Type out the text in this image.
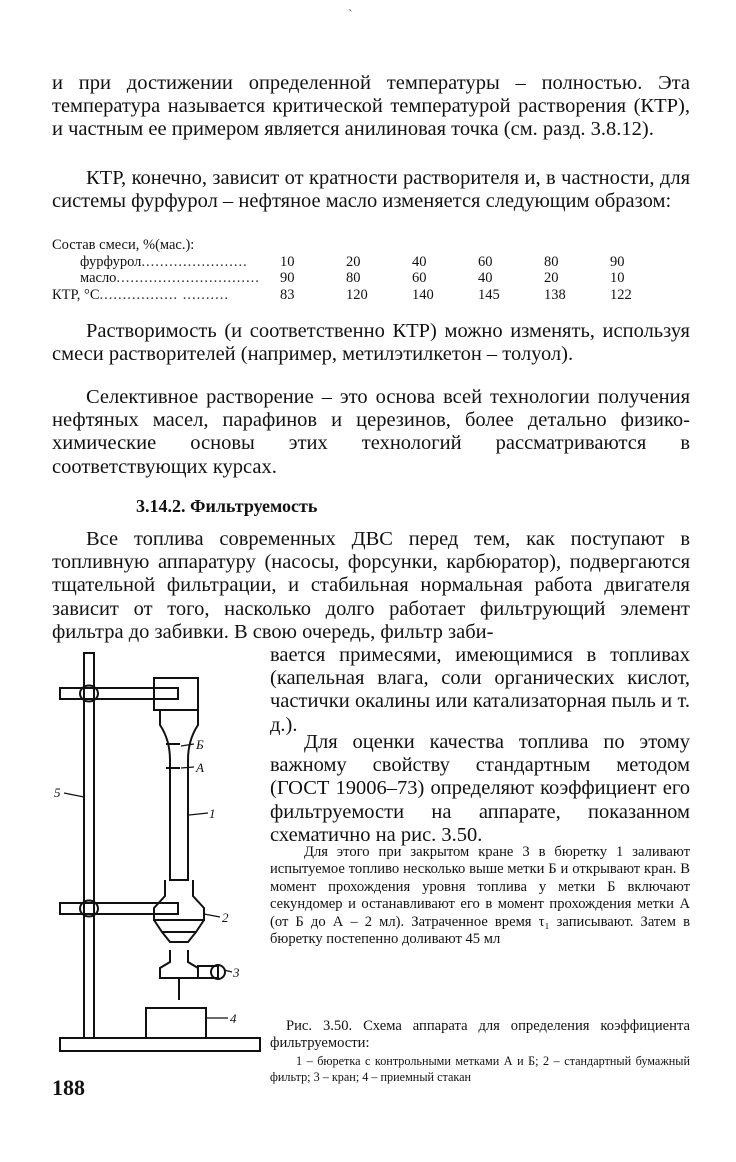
`

и при достижении определенной температуры – полностью. Эта температура называется критической температурой растворения (КТР), и частным ее примером является анилиновая точка (см. разд. 3.8.12).

КТР, конечно, зависит от кратности растворителя и, в частности, для системы фурфурол – нефтяное масло изменяется следующим образом:

Состав смеси, %(мас.):						
фурфурол.......................	10	20	40	60	80	90
масло...............................	90	80	60	40	20	10
КТР, °С................. ..........	83	120	140	145	138	122

Растворимость (и соответственно КТР) можно изменять, используя смеси растворителей (например, метилэтилкетон – толуол).

Селективное растворение – это основа всей технологии получения нефтяных масел, парафинов и церезинов, более детально физико-химические основы этих технологий рассматриваются в соответствующих курсах.

3.14.2. Фильтруемость

Все топлива современных ДВС перед тем, как поступают в топливную аппаратуру (насосы, форсунки, карбюратор), подвергаются тщательной фильтрации, и стабильная нормальная работа двигателя зависит от того, насколько долго работает фильтрующий элемент фильтра до забивки. В свою очередь, фильтр заби-

вается примесями, имеющимися в топливах (капельная влага, соли органических кислот, частички окалины или катализаторная пыль и т. д.).

Для оценки качества топлива по этому важному свойству стандартным методом (ГОСТ 19006–73) определяют коэффициент его фильтруемости на аппарате, показанном схематично на рис. 3.50.

Для этого при закрытом кране 3 в бюретку 1 заливают испытуемое топливо несколько выше метки Б и открывают кран. В момент прохождения уровня топлива у метки Б включают секундомер и останавливают его в момент прохождения метки А (от Б до А – 2 мл). Затраченное время τ₁ записывают. Затем в бюретку постепенно доливают 45 мл

Рис. 3.50. Схема аппарата для определения коэффициента фильтруемости:

1 – бюретка с контрольными метками А и Б; 2 – стандартный бумажный фильтр; 3 – кран; 4 – приемный стакан

188
Б
А
1
2
3
4
5
